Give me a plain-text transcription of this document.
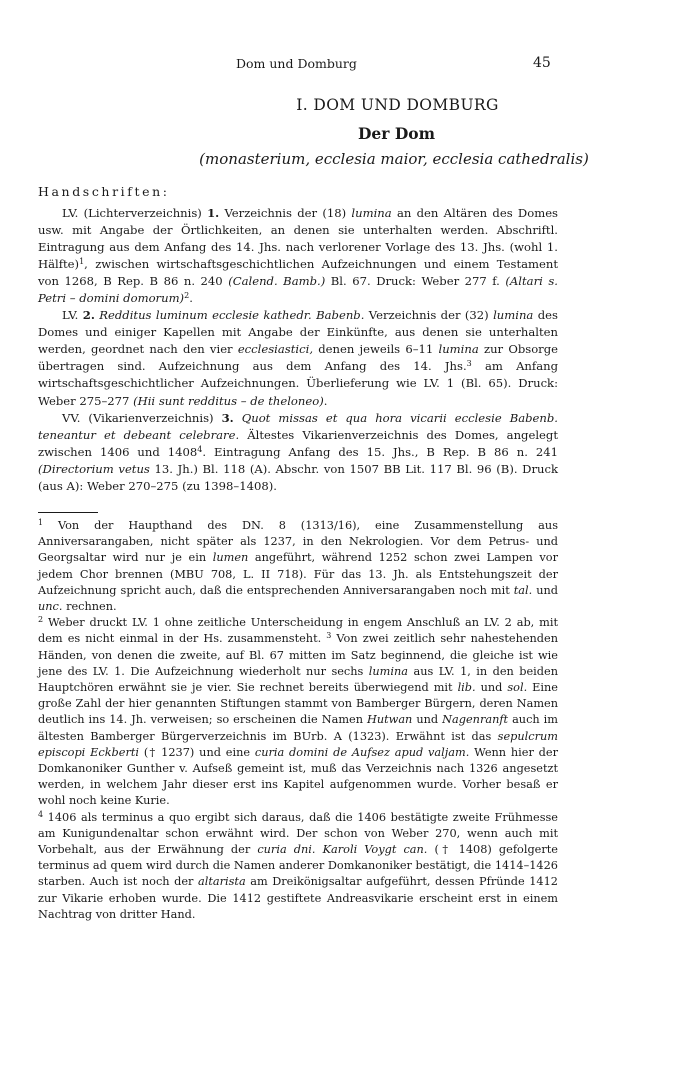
Dom und Domburg	45
I. DOM UND DOMBURG
Der Dom
(monasterium, ecclesia maior, ecclesia cathedralis)
Handschriften:

LV. (Lichterverzeichnis) 1. Verzeichnis der (18) lumina an den Altären des Domes usw. mit Angabe der Örtlichkeiten, an denen sie unterhalten werden. Abschriftl. Eintragung aus dem Anfang des 14. Jhs. nach verlorener Vorlage des 13. Jhs. (wohl 1. Hälfte)$^1$, zwischen wirtschaftsgeschichtlichen Aufzeichnungen und einem Testament von 1268, B Rep. B 86 n. 240 (Calend. Bamb.) Bl. 67. Druck: Weber 277 f. (Altari s. Petri – domini domorum)$^2$.

LV. 2. Redditus luminum ecclesie kathedr. Babenb. Verzeichnis der (32) lumina des Domes und einiger Kapellen mit Angabe der Einkünfte, aus denen sie unterhalten werden, geordnet nach den vier ecclesiastici, denen jeweils 6–11 lumina zur Obsorge übertragen sind. Aufzeichnung aus dem Anfang des 14. Jhs.$^3$ am Anfang wirtschaftsgeschichtlicher Aufzeichnungen. Überlieferung wie LV. 1 (Bl. 65). Druck: Weber 275–277 (Hii sunt redditus – de theloneo).

VV. (Vikarienverzeichnis) 3. Quot missas et qua hora vicarii ecclesie Babenb. teneantur et debeant celebrare. Ältestes Vikarienverzeichnis des Domes, angelegt zwischen 1406 und 1408$^4$. Eintragung Anfang des 15. Jhs., B Rep. B 86 n. 241 (Directorium vetus 13. Jh.) Bl. 118 (A). Abschr. von 1507 BB Lit. 117 Bl. 96 (B). Druck (aus A): Weber 270–275 (zu 1398–1408).

$^1$ Von der Haupthand des DN. 8 (1313/16), eine Zusammenstellung aus Anniversarangaben, nicht später als 1237, in den Nekrologien. Vor dem Petrus- und Georgsaltar wird nur je ein lumen angeführt, während 1252 schon zwei Lampen vor jedem Chor brennen (MBU 708, L. II 718). Für das 13. Jh. als Entstehungszeit der Aufzeichnung spricht auch, daß die entsprechenden Anniversarangaben noch mit tal. und unc. rechnen.

$^2$ Weber druckt LV. 1 ohne zeitliche Unterscheidung in engem Anschluß an LV. 2 ab, mit dem es nicht einmal in der Hs. zusammensteht. $^3$ Von zwei zeitlich sehr nahestehenden Händen, von denen die zweite, auf Bl. 67 mitten im Satz beginnend, die gleiche ist wie jene des LV. 1. Die Aufzeichnung wiederholt nur sechs lumina aus LV. 1, in den beiden Hauptchören erwähnt sie je vier. Sie rechnet bereits überwiegend mit lib. und sol. Eine große Zahl der hier genannten Stiftungen stammt von Bamberger Bürgern, deren Namen deutlich ins 14. Jh. verweisen; so erscheinen die Namen Hutwan und Nagenranft auch im ältesten Bamberger Bürgerverzeichnis im BUrb. A (1323). Erwähnt ist das sepulcrum episcopi Eckberti († 1237) und eine curia domini de Aufsez apud valjam. Wenn hier der Domkanoniker Gunther v. Aufseß gemeint ist, muß das Verzeichnis nach 1326 angesetzt werden, in welchem Jahr dieser erst ins Kapitel aufgenommen wurde. Vorher besaß er wohl noch keine Kurie.

$^4$ 1406 als terminus a quo ergibt sich daraus, daß die 1406 bestätigte zweite Frühmesse am Kunigundenaltar schon erwähnt wird. Der schon von Weber 270, wenn auch mit Vorbehalt, aus der Erwähnung der curia dni. Karoli Voygt can. († 1408) gefolgerte terminus ad quem wird durch die Namen anderer Domkanoniker bestätigt, die 1414–1426 starben. Auch ist noch der altarista am Dreikönigsaltar aufgeführt, dessen Pfründe 1412 zur Vikarie erhoben wurde. Die 1412 gestiftete Andreasvikarie erscheint erst in einem Nachtrag von dritter Hand.
